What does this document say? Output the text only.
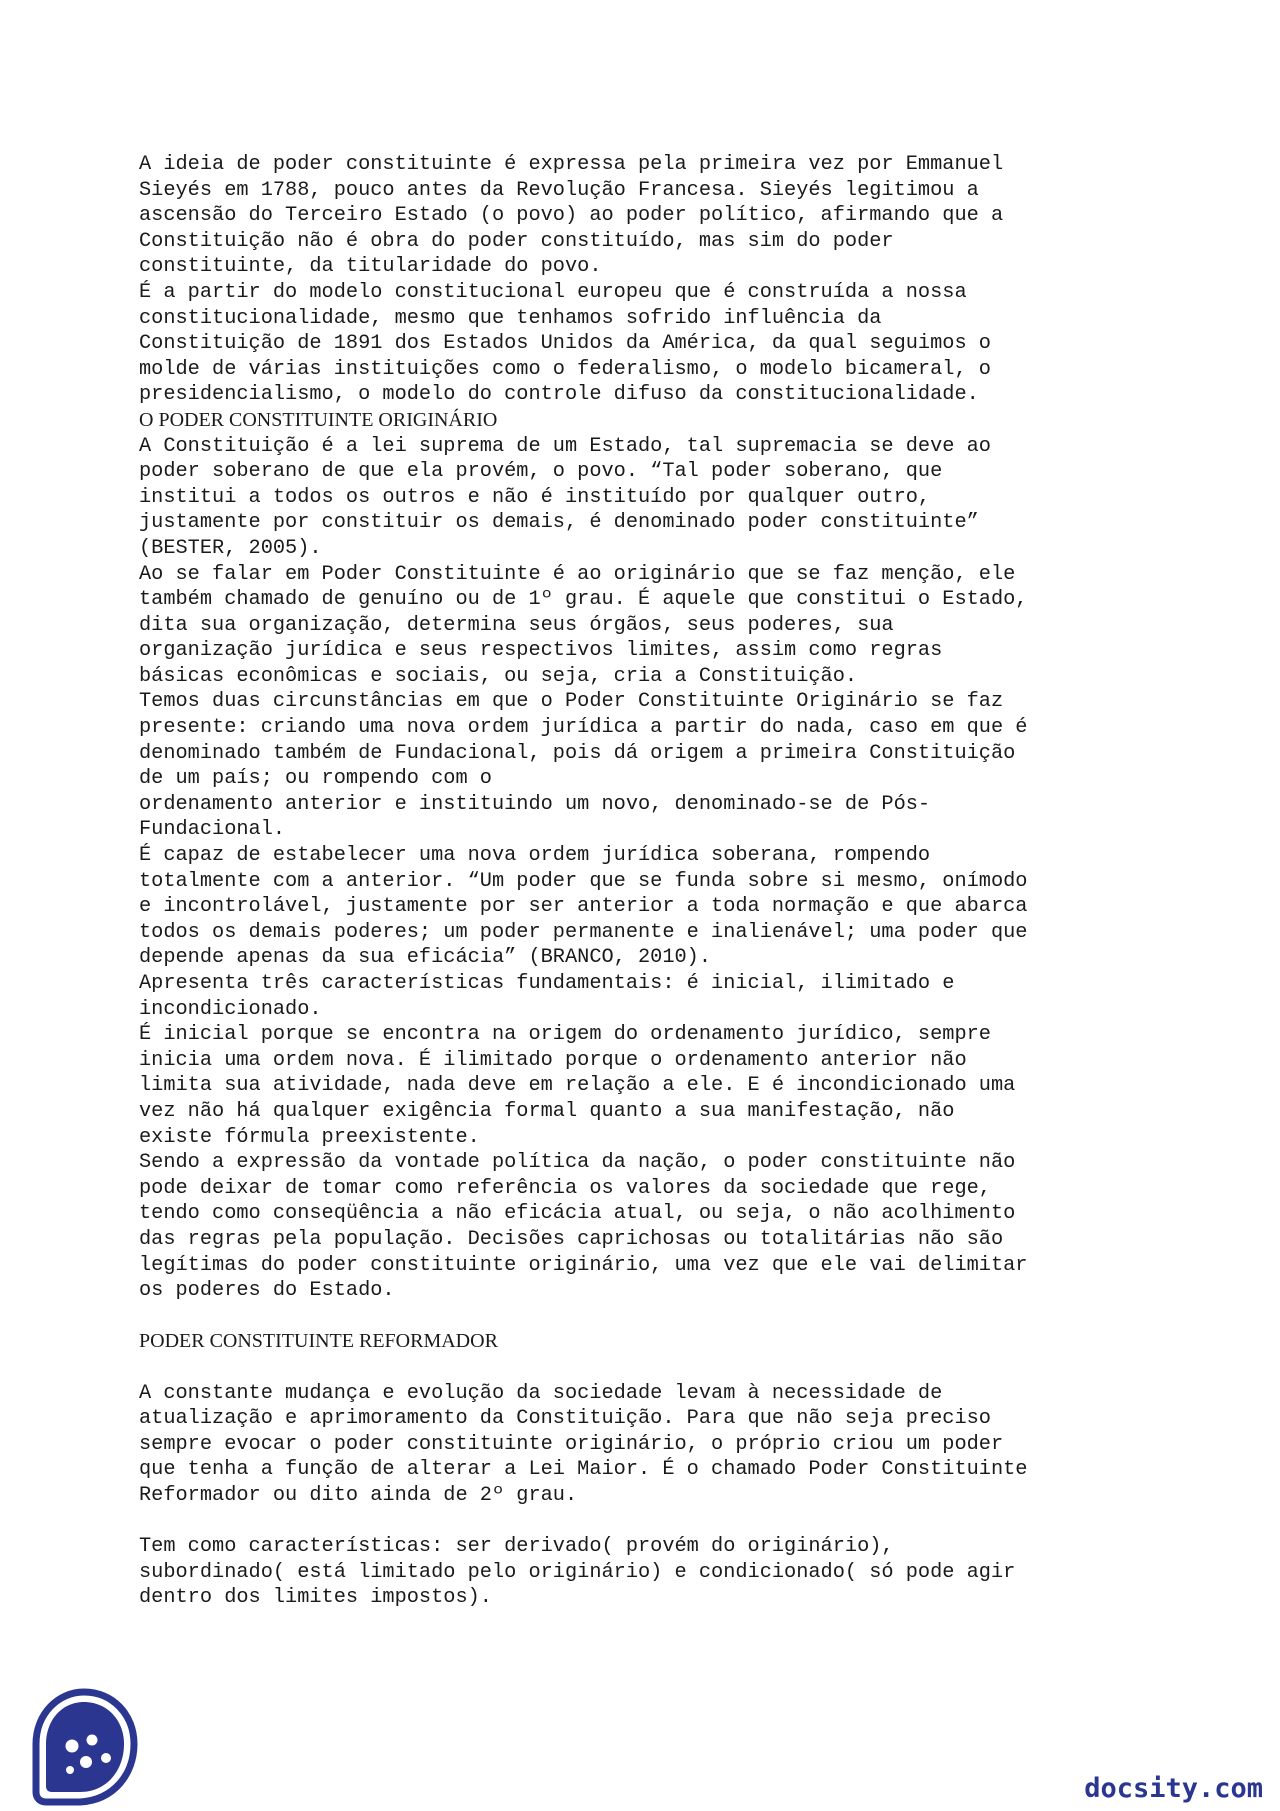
A ideia de poder constituinte é expressa pela primeira vez por Emmanuel
Sieyés em 1788, pouco antes da Revolução Francesa. Sieyés legitimou a
ascensão do Terceiro Estado (o povo) ao poder político, afirmando que a
Constituição não é obra do poder constituído, mas sim do poder
constituinte, da titularidade do povo.
É a partir do modelo constitucional europeu que é construída a nossa
constitucionalidade, mesmo que tenhamos sofrido influência da
Constituição de 1891 dos Estados Unidos da América, da qual seguimos o
molde de várias instituições como o federalismo, o modelo bicameral, o
presidencialismo, o modelo do controle difuso da constitucionalidade.
O PODER CONSTITUINTE ORIGINÁRIO
A Constituição é a lei suprema de um Estado, tal supremacia se deve ao
poder soberano de que ela provém, o povo. “Tal poder soberano, que
institui a todos os outros e não é instituído por qualquer outro,
justamente por constituir os demais, é denominado poder constituinte”
(BESTER, 2005).
Ao se falar em Poder Constituinte é ao originário que se faz menção, ele
também chamado de genuíno ou de 1º grau. É aquele que constitui o Estado,
dita sua organização, determina seus órgãos, seus poderes, sua
organização jurídica e seus respectivos limites, assim como regras
básicas econômicas e sociais, ou seja, cria a Constituição.
Temos duas circunstâncias em que o Poder Constituinte Originário se faz
presente: criando uma nova ordem jurídica a partir do nada, caso em que é
denominado também de Fundacional, pois dá origem a primeira Constituição
de um país; ou rompendo com o
ordenamento anterior e instituindo um novo, denominado-se de Pós-
Fundacional.
É capaz de estabelecer uma nova ordem jurídica soberana, rompendo
totalmente com a anterior. “Um poder que se funda sobre si mesmo, onímodo
e incontrolável, justamente por ser anterior a toda normação e que abarca
todos os demais poderes; um poder permanente e inalienável; uma poder que
depende apenas da sua eficácia” (BRANCO, 2010).
Apresenta três características fundamentais: é inicial, ilimitado e
incondicionado.
É inicial porque se encontra na origem do ordenamento jurídico, sempre
inicia uma ordem nova. É ilimitado porque o ordenamento anterior não
limita sua atividade, nada deve em relação a ele. E é incondicionado uma
vez não há qualquer exigência formal quanto a sua manifestação, não
existe fórmula preexistente.
Sendo a expressão da vontade política da nação, o poder constituinte não
pode deixar de tomar como referência os valores da sociedade que rege,
tendo como conseqüência a não eficácia atual, ou seja, o não acolhimento
das regras pela população. Decisões caprichosas ou totalitárias não são
legítimas do poder constituinte originário, uma vez que ele vai delimitar
os poderes do Estado.
PODER CONSTITUINTE REFORMADOR
A constante mudança e evolução da sociedade levam à necessidade de
atualização e aprimoramento da Constituição. Para que não seja preciso
sempre evocar o poder constituinte originário, o próprio criou um poder
que tenha a função de alterar a Lei Maior. É o chamado Poder Constituinte
Reformador ou dito ainda de 2º grau.
Tem como características: ser derivado( provém do originário),
subordinado( está limitado pelo originário) e condicionado( só pode agir
dentro dos limites impostos).
docsity.com
